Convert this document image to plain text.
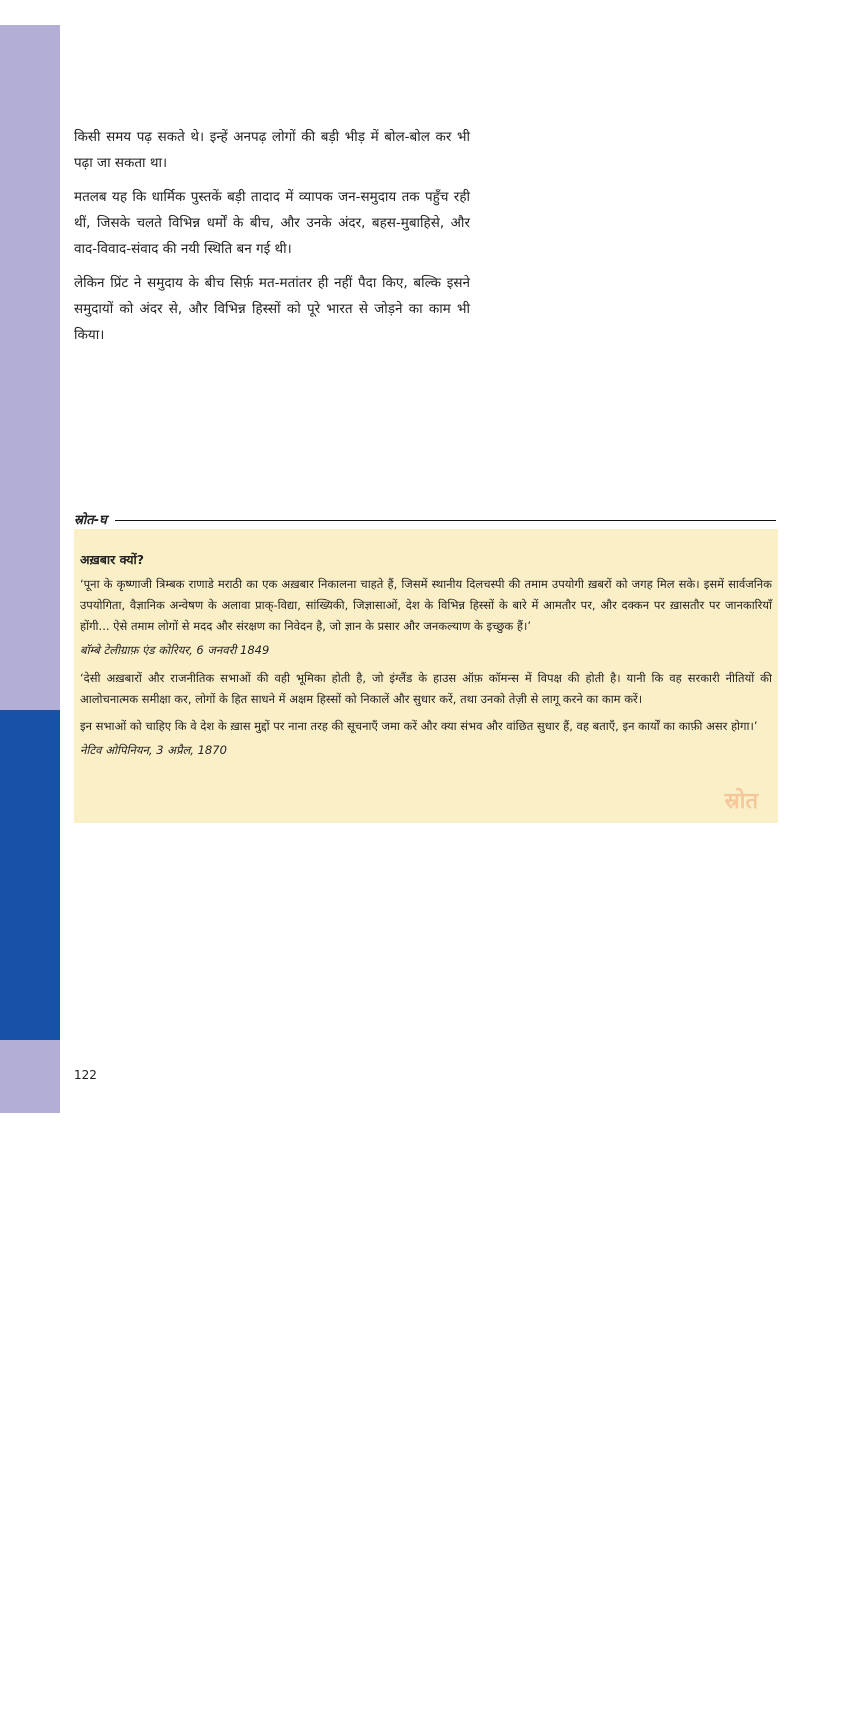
भारत और समकालीन विश्व

किसी समय पढ़ सकते थे। इन्हें अनपढ़ लोगों की बड़ी भीड़ में बोल-बोल कर भी पढ़ा जा सकता था।

मतलब यह कि धार्मिक पुस्तकें बड़ी तादाद में व्यापक जन-समुदाय तक पहुँच रही थीं, जिसके चलते विभिन्न धर्मों के बीच, और उनके अंदर, बहस-मुबाहिसे, और वाद-विवाद-संवाद की नयी स्थिति बन गई थी।

लेकिन प्रिंट ने समुदाय के बीच सिर्फ़ मत-मतांतर ही नहीं पैदा किए, बल्कि इसने समुदायों को अंदर से, और विभिन्न हिस्सों को पूरे भारत से जोड़ने का काम भी किया।

स्रोत-घ
अख़बार क्यों?

‘पूना के कृष्णाजी त्रिम्बक राणाडे मराठी का एक अख़बार निकालना चाहते हैं, जिसमें स्थानीय दिलचस्पी की तमाम उपयोगी ख़बरों को जगह मिल सके। इसमें सार्वजनिक उपयोगिता, वैज्ञानिक अन्वेषण के अलावा प्राक्-विद्या, सांख्यिकी, जिज्ञासाओं, देश के विभिन्न हिस्सों के बारे में आमतौर पर, और दक्कन पर ख़ासतौर पर जानकारियाँ होंगी... ऐसे तमाम लोगों से मदद और संरक्षण का निवेदन है, जो ज्ञान के प्रसार और जनकल्याण के इच्छुक हैं।’

बॉम्बे टेलीग्राफ़ एंड कोरियर, 6 जनवरी 1849

‘देसी अख़बारों और राजनीतिक सभाओं की वही भूमिका होती है, जो इंग्लैंड के हाउस ऑफ़ कॉमन्स में विपक्ष की होती है। यानी कि वह सरकारी नीतियों की आलोचनात्मक समीक्षा कर, लोगों के हित साधने में अक्षम हिस्सों को निकालें और सुधार करें, तथा उनको तेज़ी से लागू करने का काम करें।

इन सभाओं को चाहिए कि वे देश के ख़ास मुद्दों पर नाना तरह की सूचनाएँ जमा करें और क्या संभव और वांछित सुधार हैं, वह बताएँ, इन कार्यों का काफ़ी असर होगा।’

नेटिव ओपिनियन, 3 अप्रैल, 1870
स्रोत
122
